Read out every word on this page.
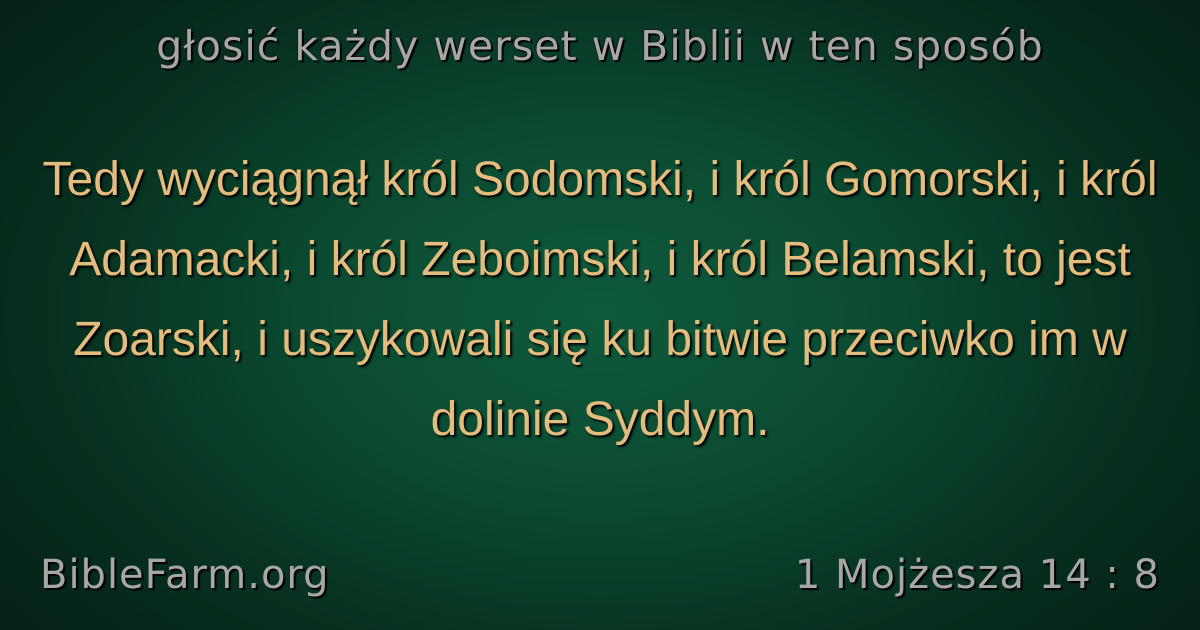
głosić każdy werset w Biblii w ten sposób
Tedy wyciągnął król Sodomski, i król Gomorski, i król Adamacki, i król Zeboimski, i król Belamski, to jest Zoarski, i uszykowali się ku bitwie przeciwko im w dolinie Syddym.
BibleFarm.org	1 Mojżesza 14 : 8
